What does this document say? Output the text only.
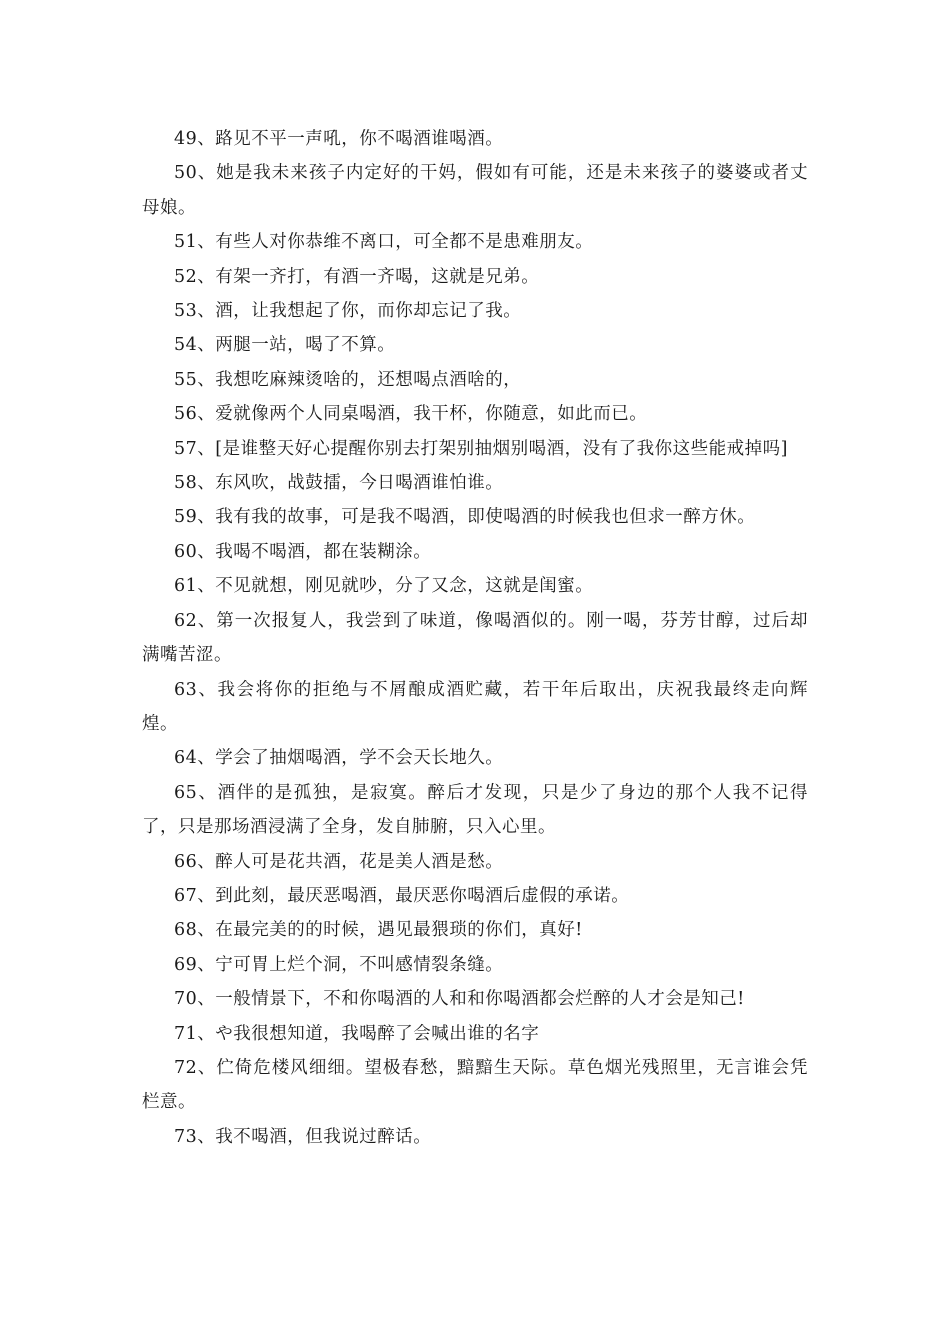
49、路见不平一声吼，你不喝酒谁喝酒。

50、她是我未来孩子内定好的干妈，假如有可能，还是未来孩子的婆婆或者丈母娘。

51、有些人对你恭维不离口，可全都不是患难朋友。

52、有架一齐打，有酒一齐喝，这就是兄弟。

53、酒，让我想起了你，而你却忘记了我。

54、两腿一站，喝了不算。

55、我想吃麻辣烫啥的，还想喝点酒啥的，

56、爱就像两个人同桌喝酒，我干杯，你随意，如此而已。

57、[是谁整天好心提醒你别去打架别抽烟别喝酒，没有了我你这些能戒掉吗]

58、东风吹，战鼓擂，今日喝酒谁怕谁。

59、我有我的故事，可是我不喝酒，即使喝酒的时候我也但求一醉方休。

60、我喝不喝酒，都在装糊涂。

61、不见就想，刚见就吵，分了又念，这就是闺蜜。

62、第一次报复人，我尝到了味道，像喝酒似的。刚一喝，芬芳甘醇，过后却满嘴苦涩。

63、我会将你的拒绝与不屑酿成酒贮藏，若干年后取出，庆祝我最终走向辉煌。

64、学会了抽烟喝酒，学不会天长地久。

65、酒伴的是孤独，是寂寞。醉后才发现，只是少了身边的那个人我不记得了，只是那场酒浸满了全身，发自肺腑，只入心里。

66、醉人可是花共酒，花是美人酒是愁。

67、到此刻，最厌恶喝酒，最厌恶你喝酒后虚假的承诺。

68、在最完美的的时候，遇见最猥琐的你们，真好!

69、宁可胃上烂个洞，不叫感情裂条缝。

70、一般情景下，不和你喝酒的人和和你喝酒都会烂醉的人才会是知己!

71、や我很想知道，我喝醉了会喊出谁的名字

72、伫倚危楼风细细。望极春愁，黯黯生天际。草色烟光残照里，无言谁会凭栏意。

73、我不喝酒，但我说过醉话。
